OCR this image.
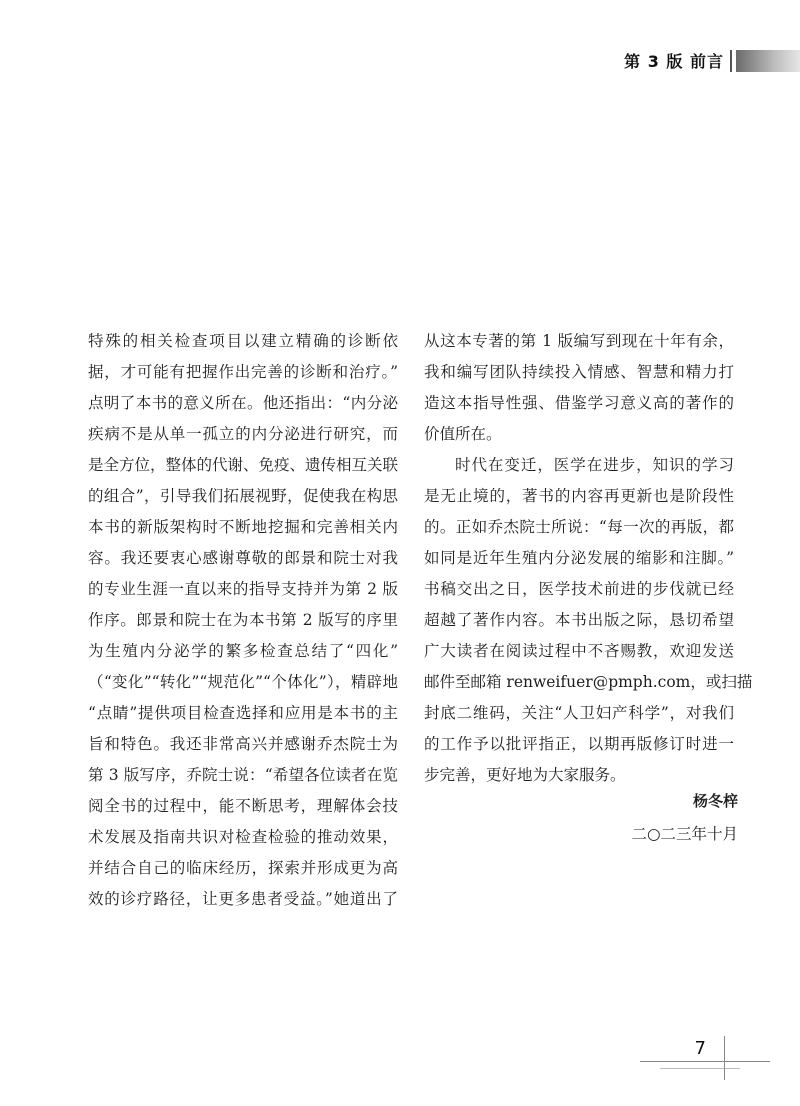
第 3 版 前言
特殊的相关检查项目以建立精确的诊断依
据，才可能有把握作出完善的诊断和治疗。”
点明了本书的意义所在。他还指出：“内分泌
疾病不是从单一孤立的内分泌进行研究，而
是全方位，整体的代谢、免疫、遗传相互关联
的组合”，引导我们拓展视野，促使我在构思
本书的新版架构时不断地挖掘和完善相关内
容。我还要衷心感谢尊敬的郎景和院士对我
的专业生涯一直以来的指导支持并为第 2 版
作序。郎景和院士在为本书第 2 版写的序里
为生殖内分泌学的繁多检查总结了“四化”
（“变化”“转化”“规范化”“个体化”），精辟地
“点睛”提供项目检查选择和应用是本书的主
旨和特色。我还非常高兴并感谢乔杰院士为
第 3 版写序，乔院士说：“希望各位读者在览
阅全书的过程中，能不断思考，理解体会技
术发展及指南共识对检查检验的推动效果，
并结合自己的临床经历，探索并形成更为高
效的诊疗路径，让更多患者受益。”她道出了
从这本专著的第 1 版编写到现在十年有余，
我和编写团队持续投入情感、智慧和精力打
造这本指导性强、借鉴学习意义高的著作的
价值所在。
时代在变迁，医学在进步，知识的学习
是无止境的，著书的内容再更新也是阶段性
的。正如乔杰院士所说：“每一次的再版，都
如同是近年生殖内分泌发展的缩影和注脚。”
书稿交出之日，医学技术前进的步伐就已经
超越了著作内容。本书出版之际，恳切希望
广大读者在阅读过程中不吝赐教，欢迎发送
邮件至邮箱 renweifuer@pmph.com，或扫描
封底二维码，关注“人卫妇产科学”，对我们
的工作予以批评指正，以期再版修订时进一
步完善，更好地为大家服务。
杨冬梓
二○二三年十月
7
